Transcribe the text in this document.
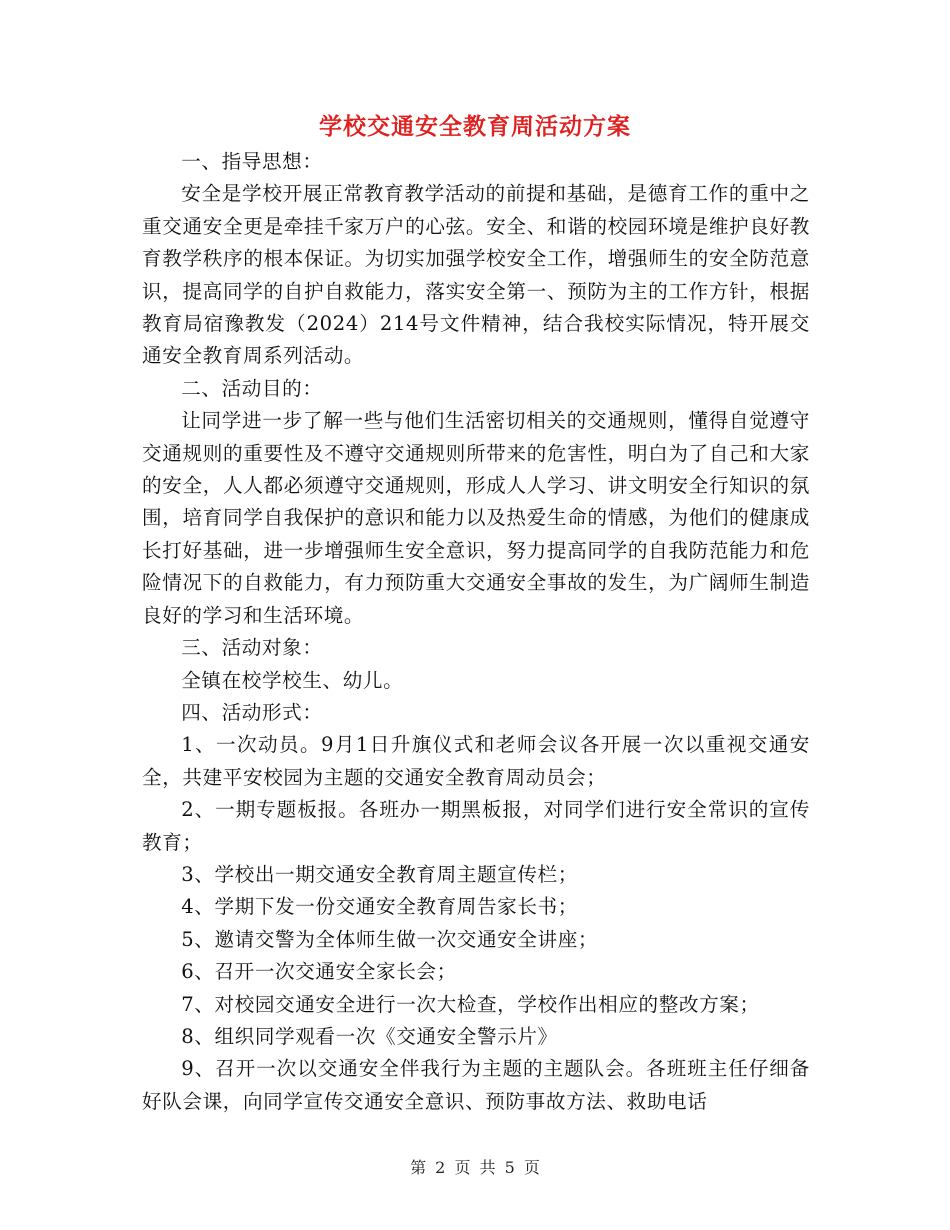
学校交通安全教育周活动方案

一、指导思想：

安全是学校开展正常教育教学活动的前提和基础，是德育工作的重中之重交通安全更是牵挂千家万户的心弦。安全、和谐的校园环境是维护良好教育教学秩序的根本保证。为切实加强学校安全工作，增强师生的安全防范意识，提高同学的自护自救能力，落实安全第一、预防为主的工作方针，根据教育局宿豫教发（2024）214号文件精神，结合我校实际情况，特开展交通安全教育周系列活动。

二、活动目的：

让同学进一步了解一些与他们生活密切相关的交通规则，懂得自觉遵守交通规则的重要性及不遵守交通规则所带来的危害性，明白为了自己和大家的安全，人人都必须遵守交通规则，形成人人学习、讲文明安全行知识的氛围，培育同学自我保护的意识和能力以及热爱生命的情感，为他们的健康成长打好基础，进一步增强师生安全意识，努力提高同学的自我防范能力和危险情况下的自救能力，有力预防重大交通安全事故的发生，为广阔师生制造良好的学习和生活环境。

三、活动对象：

全镇在校学校生、幼儿。

四、活动形式：

1、一次动员。9月1日升旗仪式和老师会议各开展一次以重视交通安全，共建平安校园为主题的交通安全教育周动员会；

2、一期专题板报。各班办一期黑板报，对同学们进行安全常识的宣传教育；

3、学校出一期交通安全教育周主题宣传栏；

4、学期下发一份交通安全教育周告家长书；

5、邀请交警为全体师生做一次交通安全讲座；

6、召开一次交通安全家长会；

7、对校园交通安全进行一次大检查，学校作出相应的整改方案；

8、组织同学观看一次《交通安全警示片》

9、召开一次以交通安全伴我行为主题的主题队会。各班班主任仔细备好队会课，向同学宣传交通安全意识、预防事故方法、救助电话

第 2 页 共 5 页
